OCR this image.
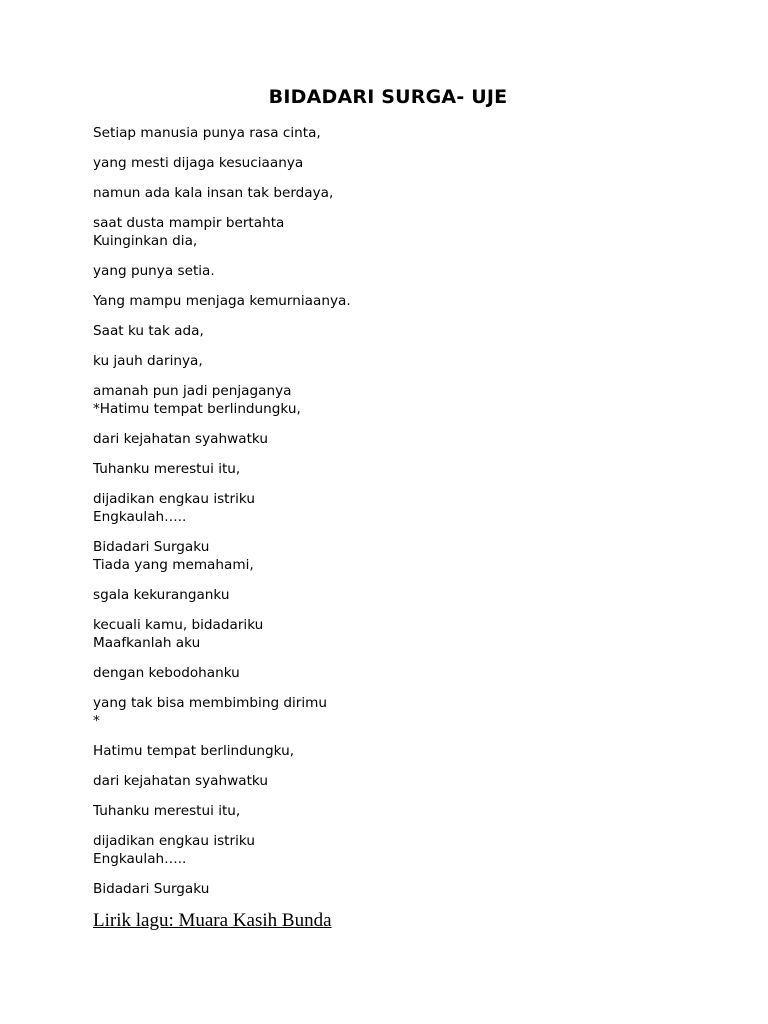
BIDADARI SURGA- UJE
Setiap manusia punya rasa cinta,
yang mesti dijaga kesuciaanya
namun ada kala insan tak berdaya,
saat dusta mampir bertahta
Kuinginkan dia,
yang punya setia.
Yang mampu menjaga kemurniaanya.
Saat ku tak ada,
ku jauh darinya,
amanah pun jadi penjaganya
*Hatimu tempat berlindungku,
dari kejahatan syahwatku
Tuhanku merestui itu,
dijadikan engkau istriku
Engkaulah…..
Bidadari Surgaku
Tiada yang memahami,
sgala kekuranganku
kecuali kamu, bidadariku
Maafkanlah aku
dengan kebodohanku
yang tak bisa membimbing dirimu
*
Hatimu tempat berlindungku,
dari kejahatan syahwatku
Tuhanku merestui itu,
dijadikan engkau istriku
Engkaulah…..
Bidadari Surgaku
Lirik lagu: Muara Kasih Bunda
